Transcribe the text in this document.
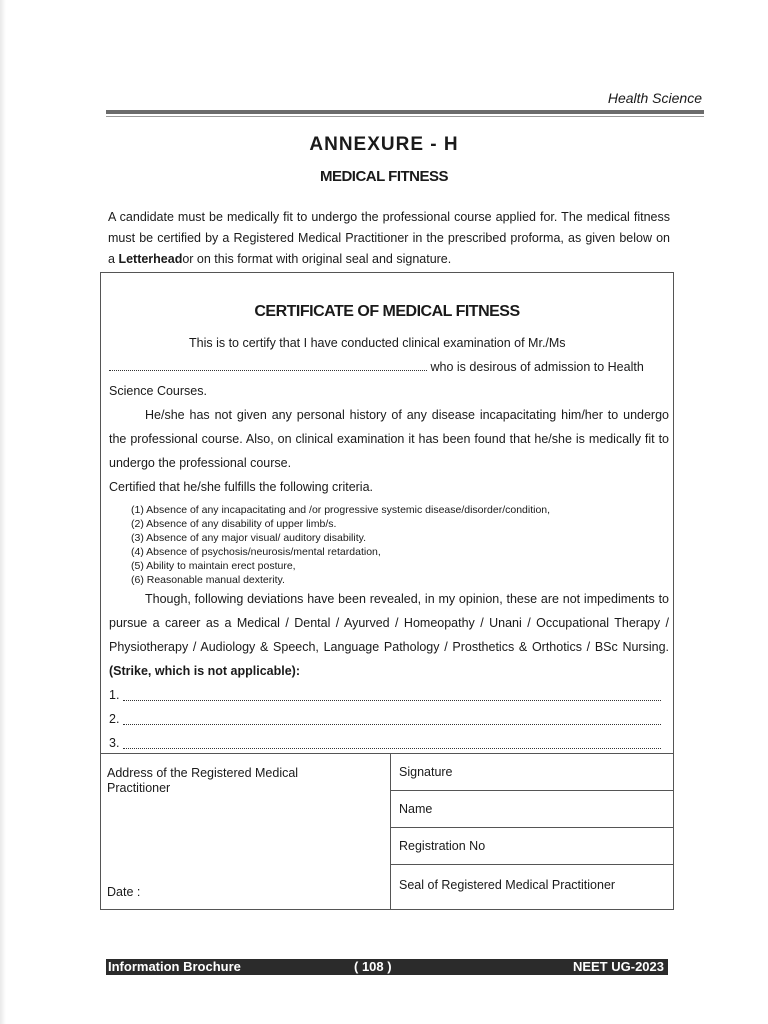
Health Science
ANNEXURE - H
MEDICAL FITNESS
A candidate must be medically fit to undergo the professional course applied for. The medical fitness must be certified by a Registered Medical Practitioner in the prescribed proforma, as given below on a Letterheador on this format with original seal and signature.
CERTIFICATE OF MEDICAL FITNESS

This is to certify that I have conducted clinical examination of Mr./Ms

who is desirous of admission to Health

Science Courses.

He/she has not given any personal history of any disease incapacitating him/her to undergo the professional course. Also, on clinical examination it has been found that he/she is medically fit to undergo the professional course.

Certified that he/she fulfills the following criteria.

(1) Absence of any incapacitating and /or progressive systemic disease/disorder/condition,
(2) Absence of any disability of upper limb/s.
(3) Absence of any major visual/ auditory disability.
(4) Absence of psychosis/neurosis/mental retardation,
(5) Ability to maintain erect posture,
(6) Reasonable manual dexterity.

Though, following deviations have been revealed, in my opinion, these are not impediments to pursue a career as a Medical / Dental / Ayurved / Homeopathy / Unani / Occupational Therapy / Physiotherapy / Audiology & Speech, Language Pathology / Prosthetics & Orthotics / BSc Nursing. (Strike, which is not applicable):

1.
2.
3.
Address of the Registered Medical Practitioner
Date :
Signature
Name
Registration No
Seal of Registered Medical Practitioner
Information Brochure	( 108 )	NEET UG-2023
